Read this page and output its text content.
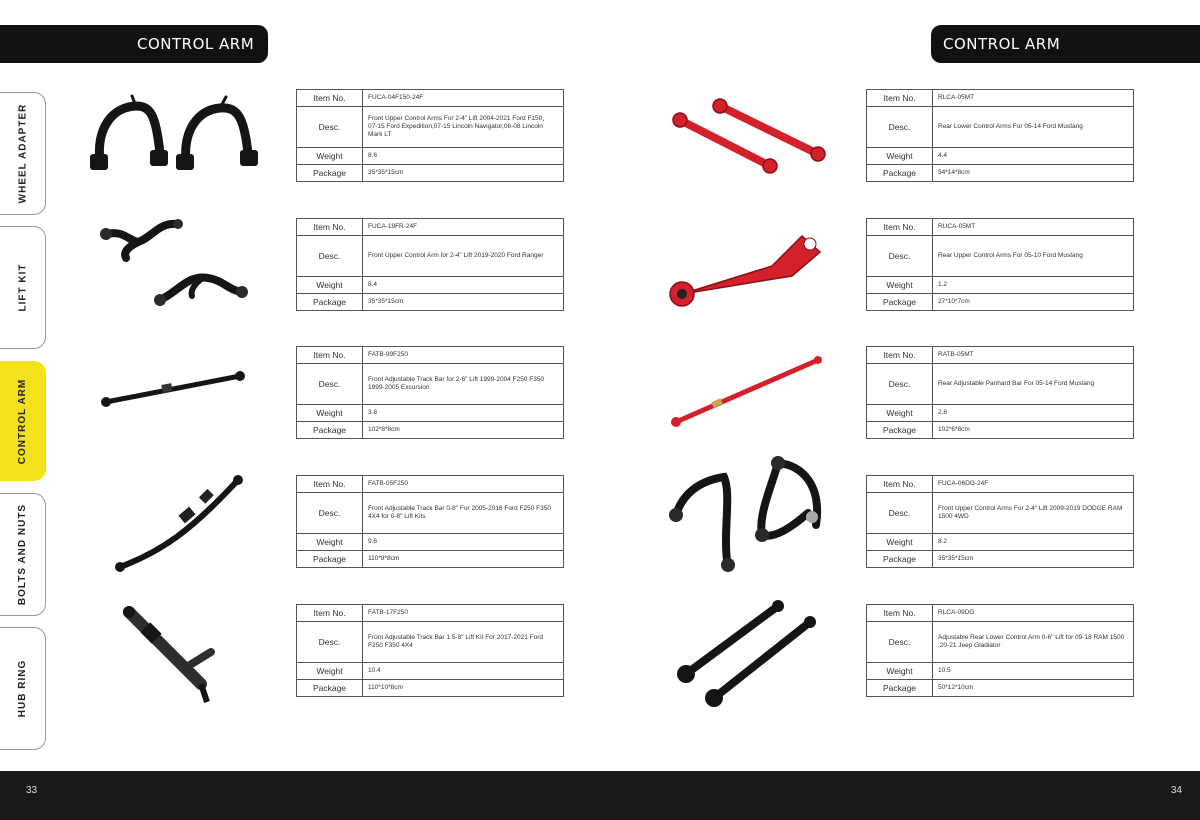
CONTROL ARM	CONTROL ARM
WHEEL ADAPTER
LIFT KIT
CONTROL ARM
BOLTS AND NUTS
HUB RING
Item No.	FUCA-04F150-24F
Desc.	Front Upper Control Arms For 2-4" Lift 2004-2021 Ford F150，07-15 Ford Expedition,07-15 Lincoln Navigator,06-08 Lincoln Mark LT
Weight	8.6
Package	35*35*15cm
Item No.	FUCA-19FR-24F
Desc.	Front Upper Control Arm for 2-4" Lift 2019-2020 Ford Ranger
Weight	8.4
Package	35*35*15cm
Item No.	FATB-99F250
Desc.	Front Adjustable Track Bar for 2-6" Lift 1999-2004 F250 F350 1999-2005 Excursion
Weight	3.8
Package	102*8*8cm
Item No.	FATB-05F250
Desc.	Front Adjustable Track Bar 0-8" For 2005-2016 Ford F250 F350 4X4 for 0-8" Lift Kits
Weight	9.6
Package	110*8*8cm
Item No.	FATB-17F250
Desc.	Front Adjustable Track Bar 1.5-8" Lift Kit For 2017-2021 Ford F250 F350 4X4
Weight	10.4
Package	110*10*8cm
Item No.	RLCA-05MT
Desc.	Rear Lower Control Arms For 05-14 Ford Mustang
Weight	4.4
Package	54*14*8cm
Item No.	RUCA-05MT
Desc.	Rear Upper Control Arms For 05-10 Ford Mustang
Weight	1.2
Package	27*10*7cm
Item No.	RATB-05MT
Desc.	Rear Adjustable Panhard Bar For 05-14 Ford Mustang
Weight	2.8
Package	102*6*8cm
Item No.	FUCA-06DG-24F
Desc.	Front Upper Control Arms For 2-4" Lift 2009-2019 DODGE RAM 1500 4WD
Weight	8.2
Package	35*35*15cm
Item No.	RLCA-09DG
Desc.	Adjustable Rear Lower Control Arm 0-6" Lift for 09-18 RAM 1500 ,20-21 Jeep Gladiator
Weight	10.5
Package	50*12*10cm
33	34
